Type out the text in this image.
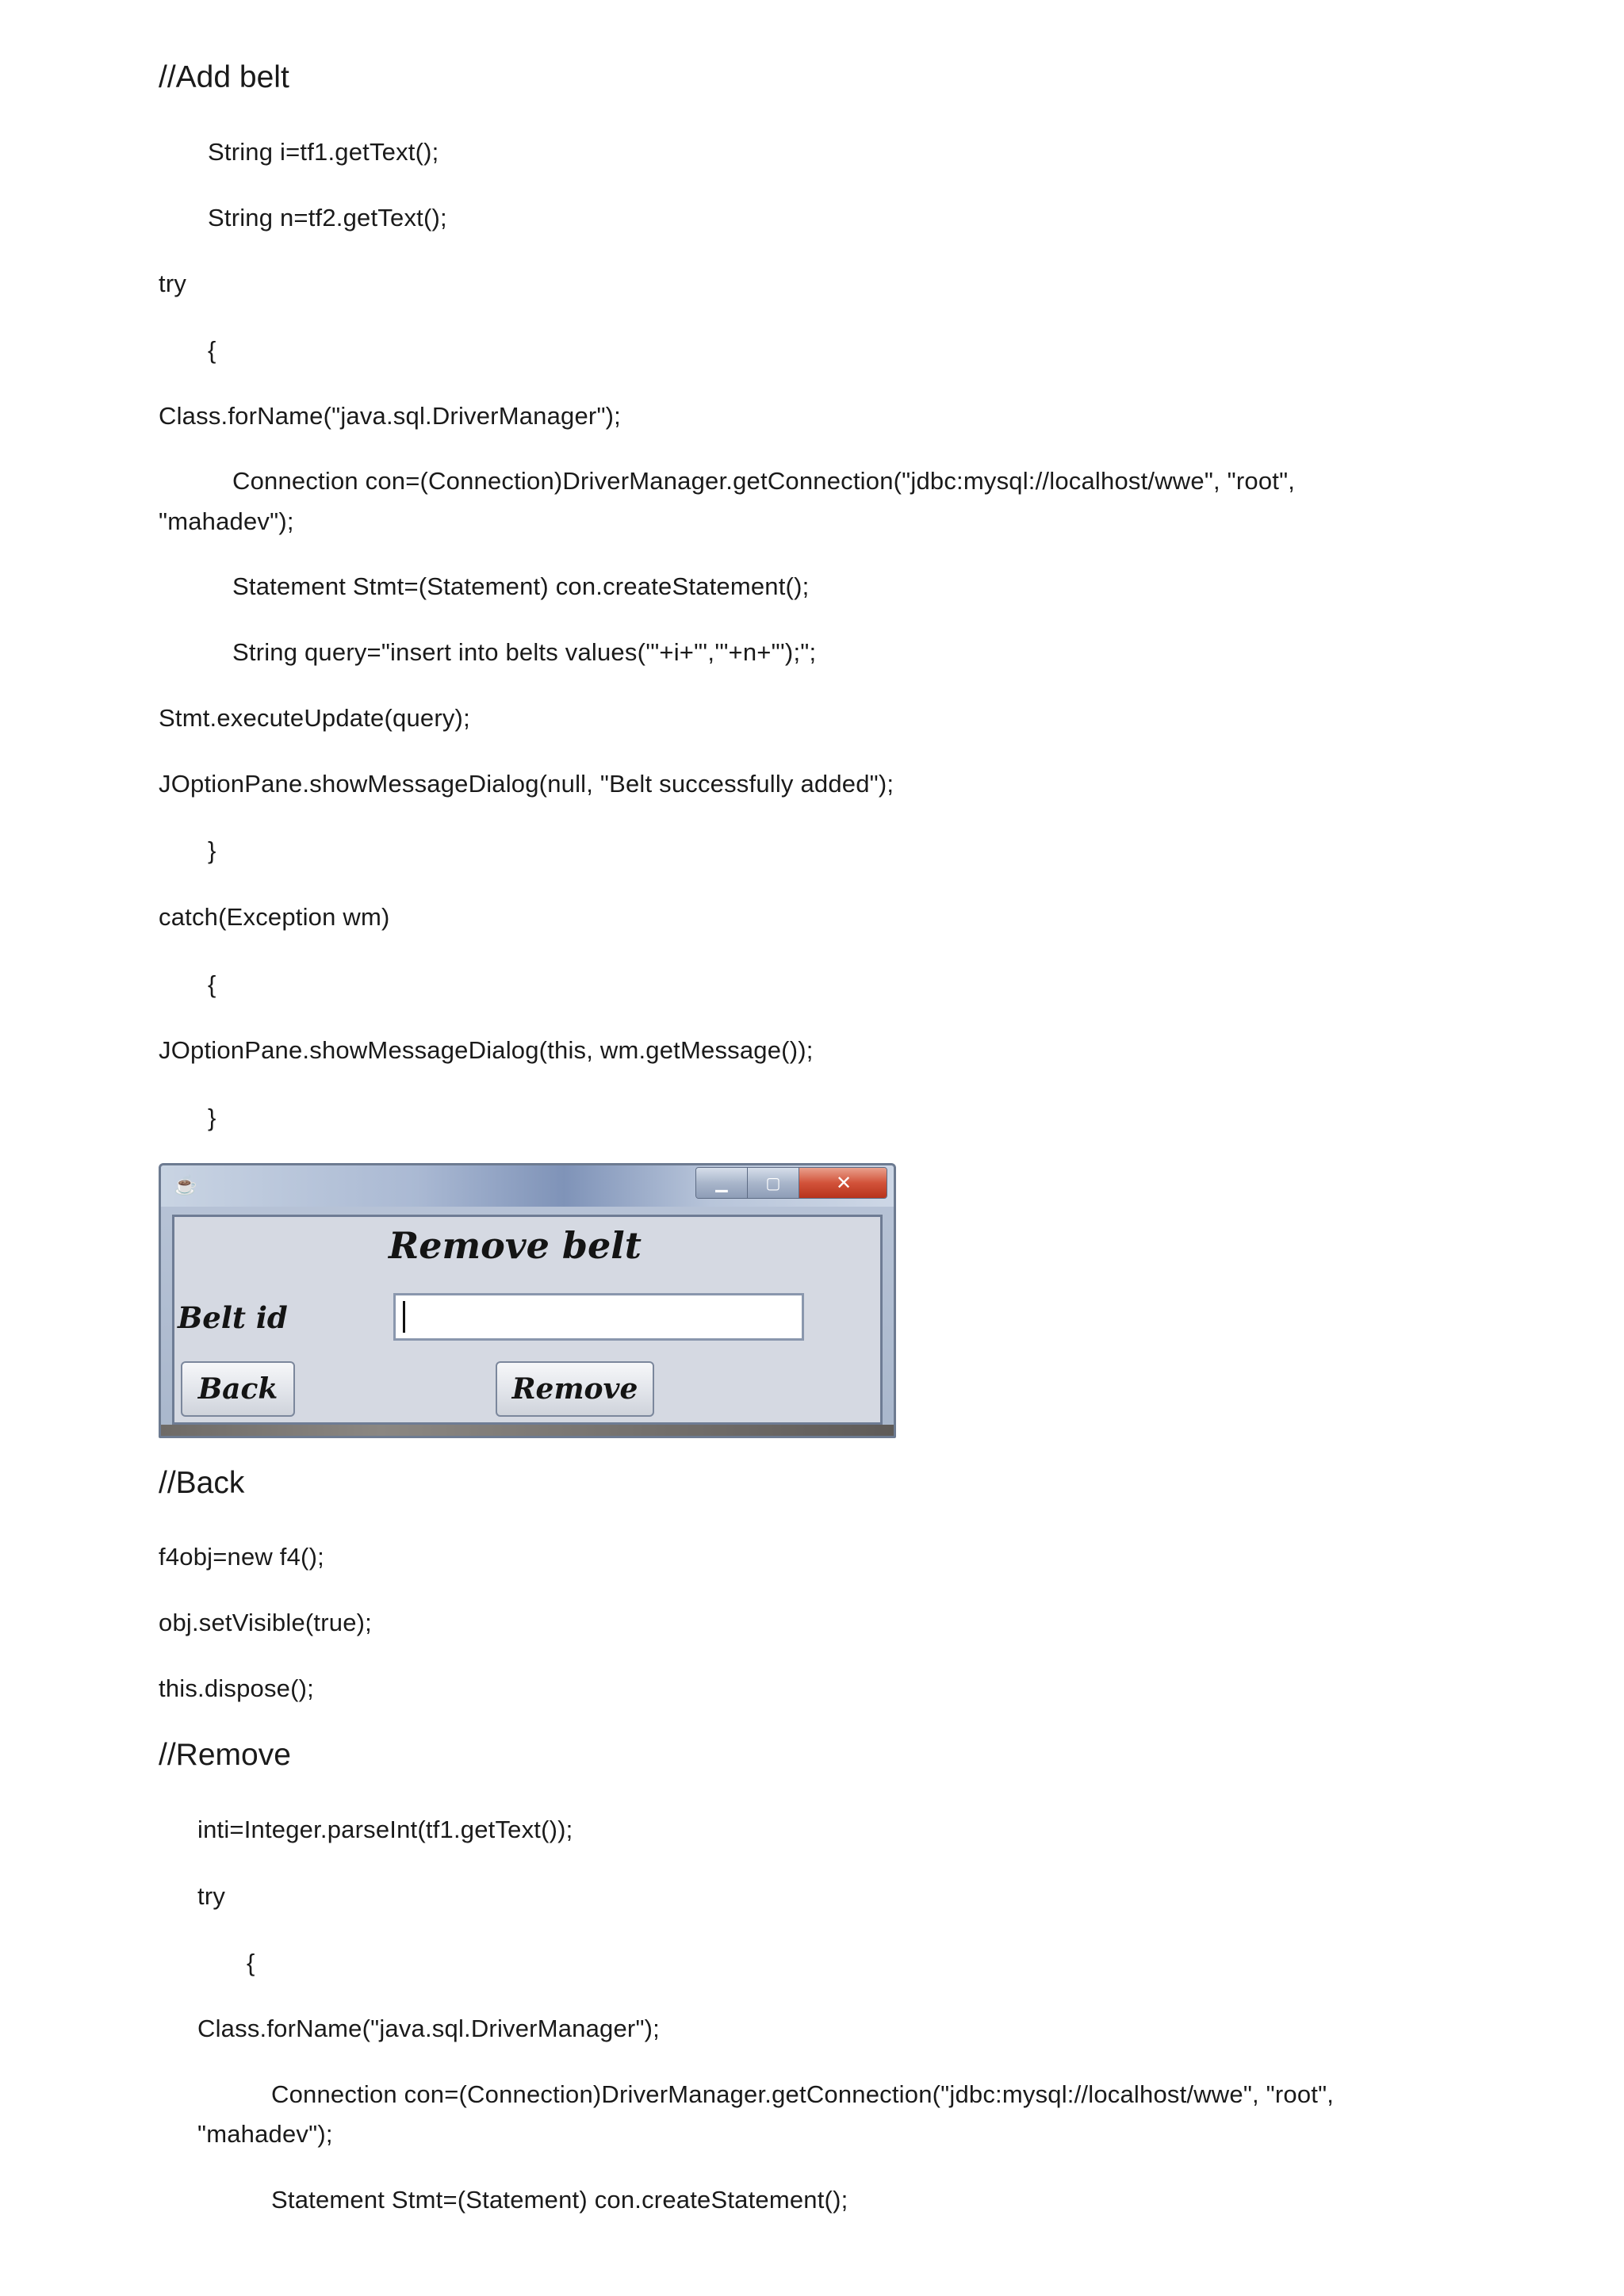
//Add belt
String i=tf1.getText();
String n=tf2.getText();
try
{
Class.forName("java.sql.DriverManager");
Connection con=(Connection)DriverManager.getConnection("jdbc:mysql://localhost/wwe", "root",
"mahadev");
Statement Stmt=(Statement) con.createStatement();
String query="insert into belts values('"+i+"','"+n+"');";
Stmt.executeUpdate(query);
JOptionPane.showMessageDialog(null, "Belt successfully added");
}
catch(Exception wm)
{
JOptionPane.showMessageDialog(this, wm.getMessage());
}
☕	▁	▢	✕
Remove belt
Belt id
Back	Remove
//Back
f4obj=new f4();
obj.setVisible(true);
this.dispose();
//Remove
inti=Integer.parseInt(tf1.getText());
try
{
Class.forName("java.sql.DriverManager");
Connection con=(Connection)DriverManager.getConnection("jdbc:mysql://localhost/wwe", "root",
"mahadev");
Statement Stmt=(Statement) con.createStatement();
